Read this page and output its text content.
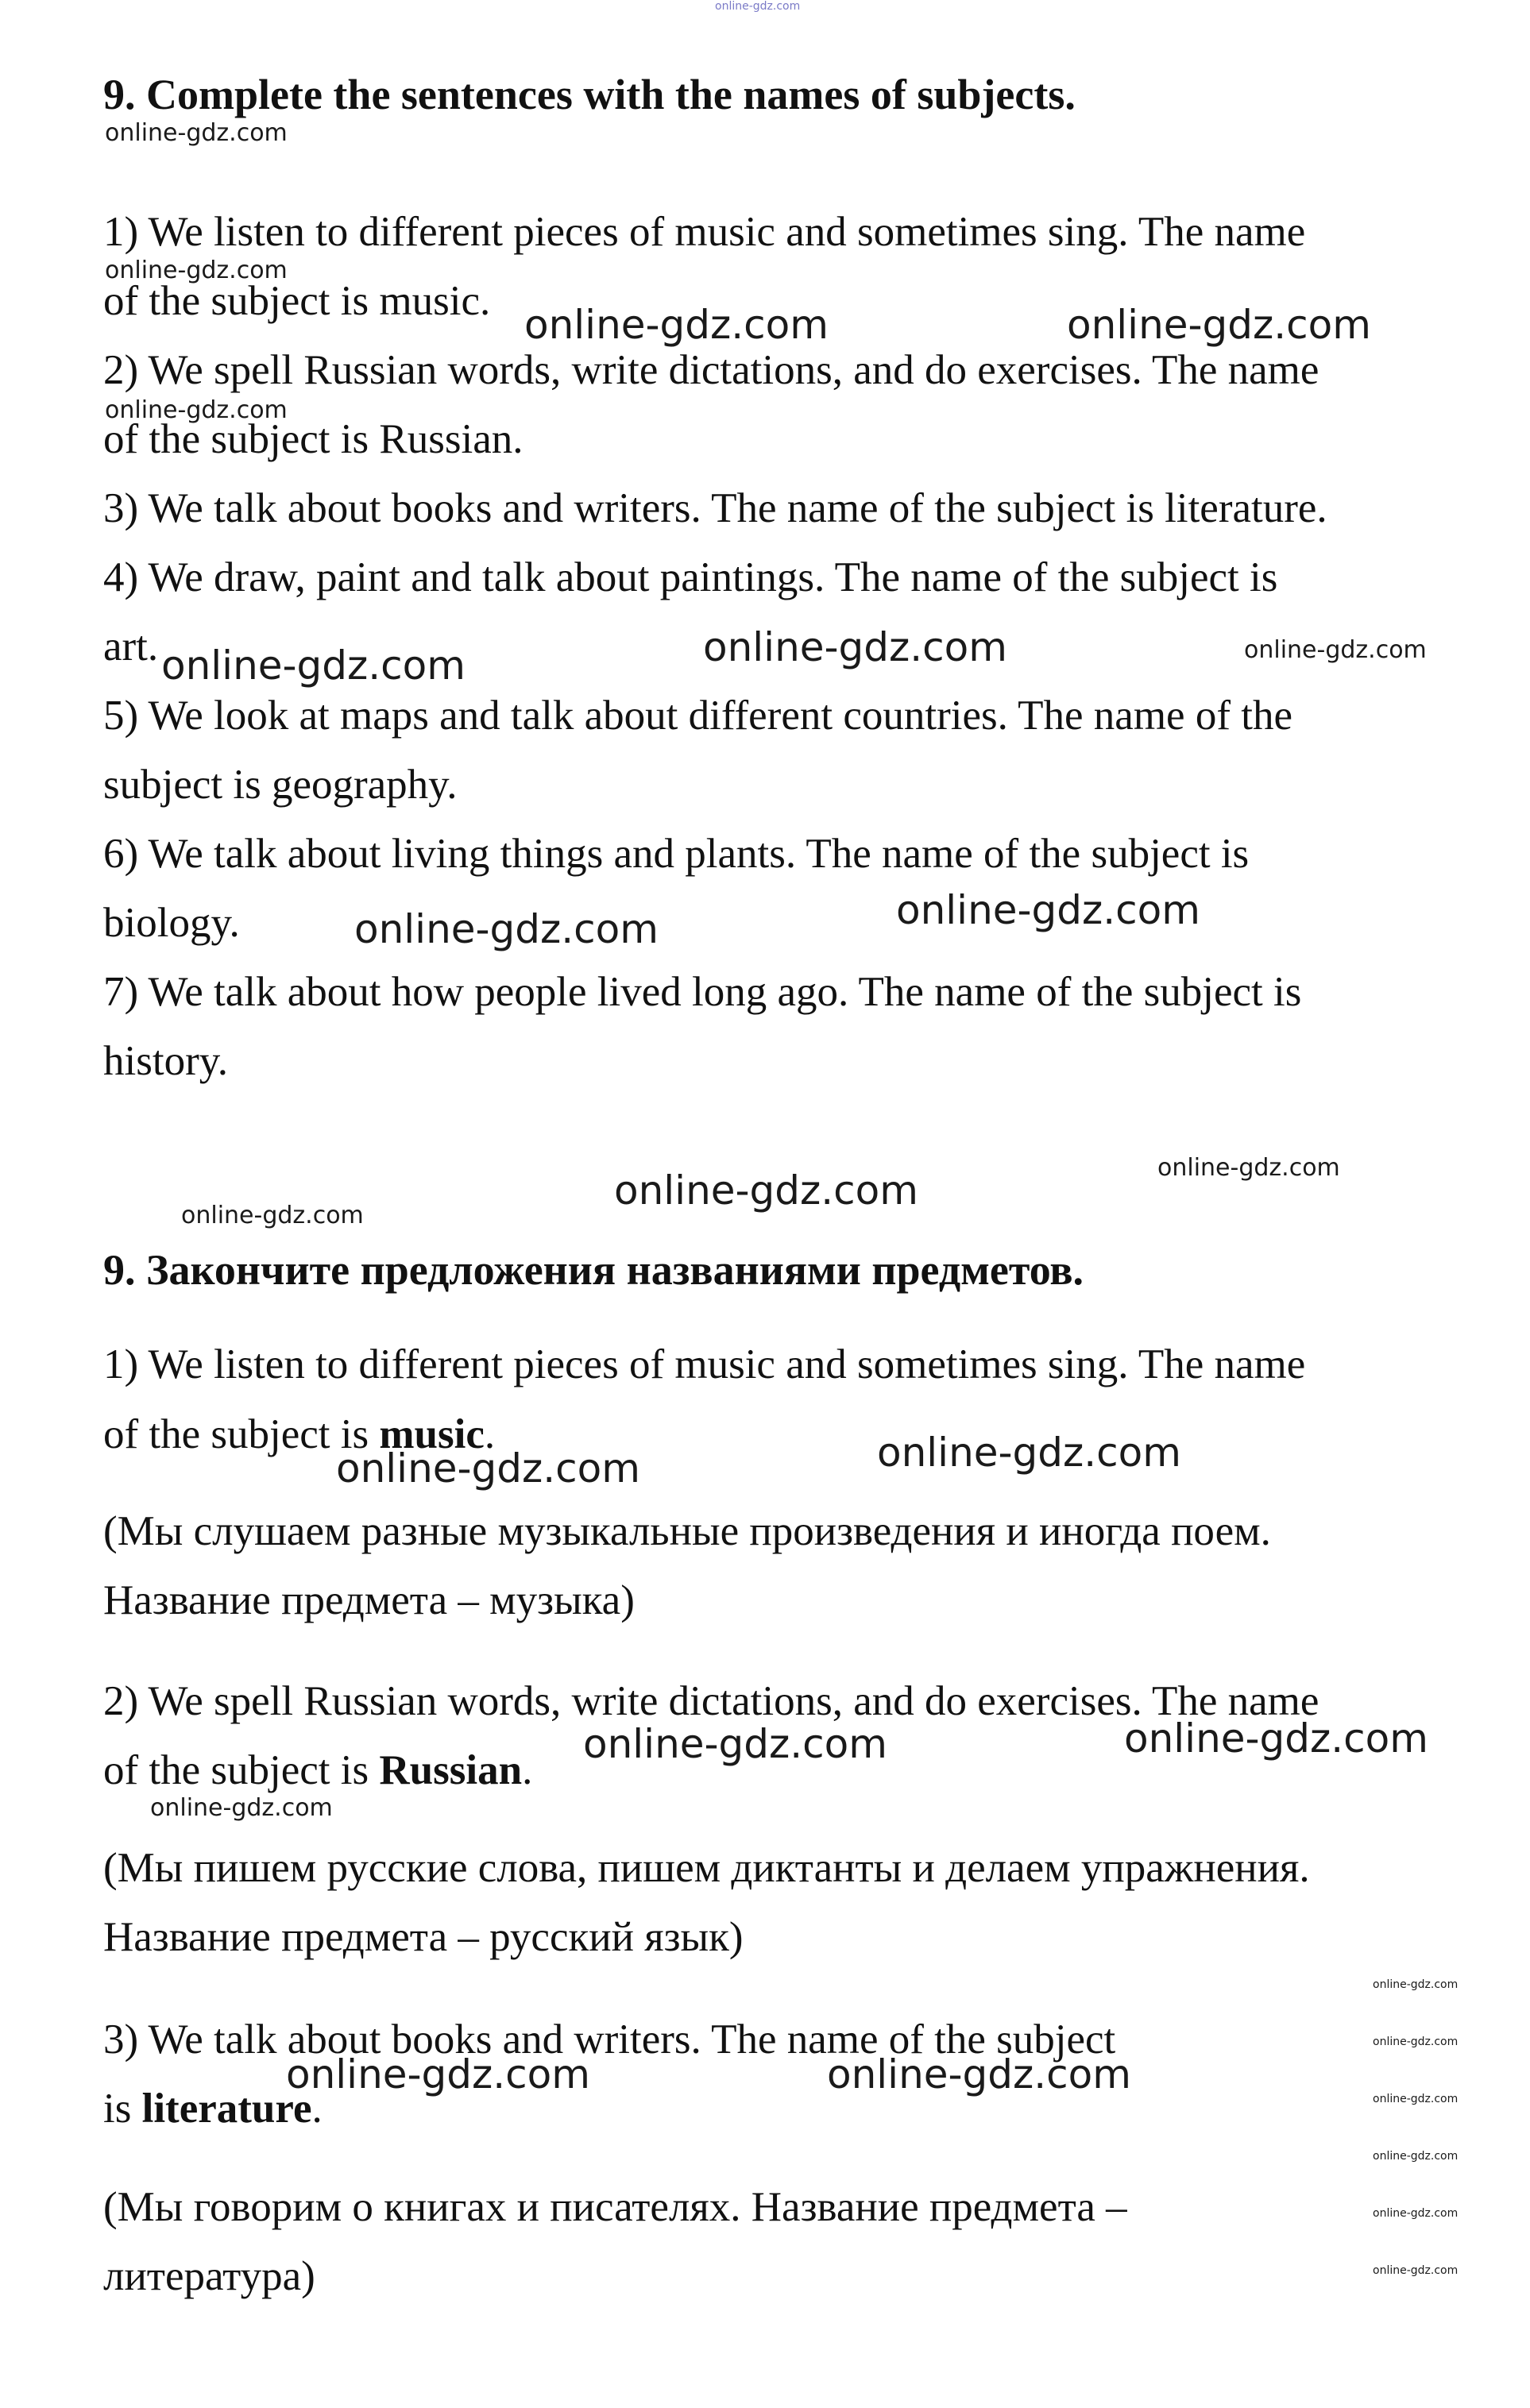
online-gdz.com
9. Complete the sentences with the names of subjects.
1) We listen to different pieces of music and sometimes sing. The name
of the subject is music.
2) We spell Russian words, write dictations, and do exercises. The name
of the subject is Russian.
3) We talk about books and writers. The name of the subject is literature.
4) We draw, paint and talk about paintings. The name of the subject is
art.
5) We look at maps and talk about different countries. The name of the
subject is geography.
6) We talk about living things and plants. The name of the subject is
biology.
7) We talk about how people lived long ago. The name of the subject is
history.
9. Закончите предложения названиями предметов.
1) We listen to different pieces of music and sometimes sing. The name
of the subject is music.
(Мы слушаем разные музыкальные произведения и иногда поем.
Название предмета – музыка)
2) We spell Russian words, write dictations, and do exercises. The name
of the subject is Russian.
(Мы пишем русские слова, пишем диктанты и делаем упражнения.
Название предмета – русский язык)
3) We talk about books and writers. The name of the subject
is literature.
(Мы говорим о книгах и писателях. Название предмета –
литература)
online-gdz.com
online-gdz.com
online-gdz.com	online-gdz.com
online-gdz.com
online-gdz.com	online-gdz.com	online-gdz.com
online-gdz.com	online-gdz.com
online-gdz.com	online-gdz.com
online-gdz.com
online-gdz.com	online-gdz.com
online-gdz.com	online-gdz.com
online-gdz.com
online-gdz.com	online-gdz.com
online-gdz.com
online-gdz.com
online-gdz.com
online-gdz.com
online-gdz.com
online-gdz.com
